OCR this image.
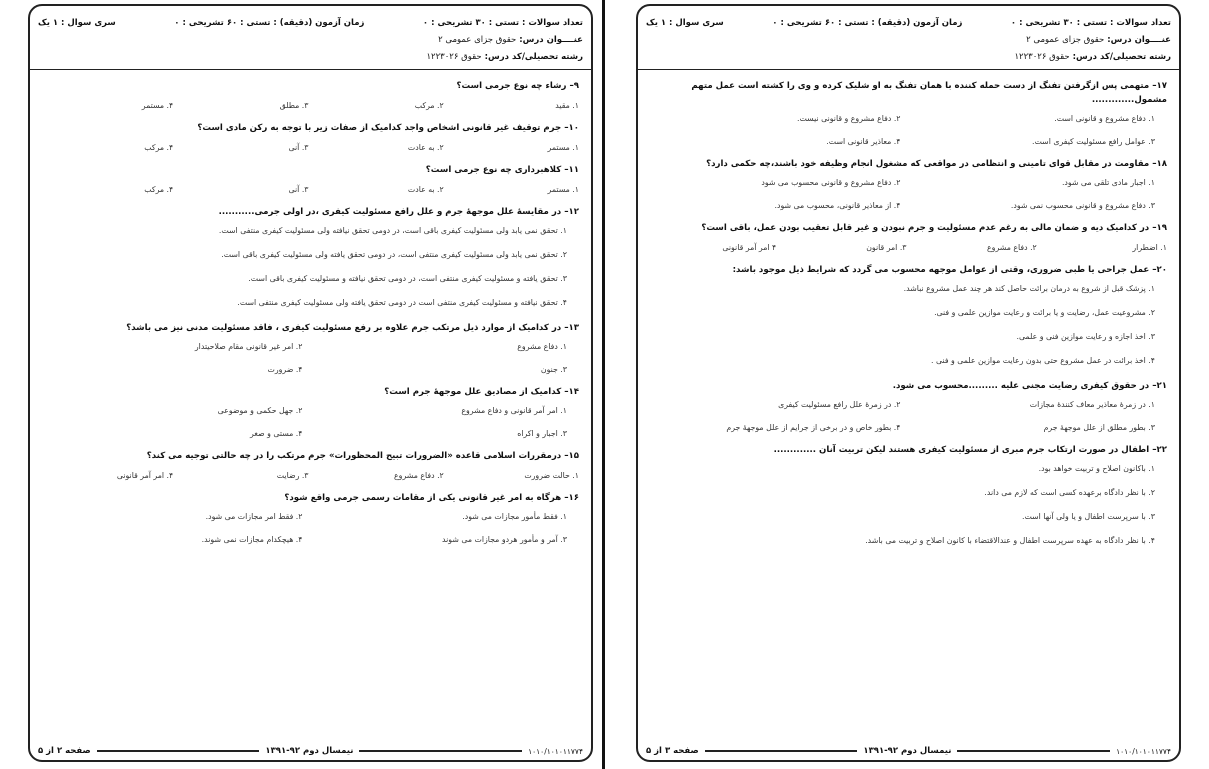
تعداد سوالات : تستی : ۳۰ تشریحی : ۰
زمان آزمون (دقیقه) : تستی : ۶۰ تشریحی : ۰
سری سوال : ۱ یک
عنــــوان درس: حقوق جزای عمومی ۲
رشته تحصیلی/کد درس: حقوق ۱۲۲۳۰۲۶
۹– رشاء چه نوع جرمی است؟
۱. مقید
۲. مرکب
۳. مطلق
۴. مستمر
۱۰– جرم توقیف غیر قانونی اشخاص واجد کدامیک از صفات زیر با توجه به رکن مادی است؟
۱. مستمر
۲. به عادت
۳. آنی
۴. مرکب
۱۱– کلاهبرداری چه نوع جرمی است؟
۱. مستمر
۲. به عادت
۳. آنی
۴. مرکب
۱۲– در مقایسهٔ علل موجههٔ جرم و علل رافع مسئولیت کیفری ،در اولی جرمی...........
۱. تحقق نمی یابد ولی مسئولیت کیفری باقی است، در دومی تحقق نیافته ولی مسئولیت کیفری منتفی است.
۲. تحقق نمی یابد ولی مسئولیت کیفری منتفی است، در دومی تحقق یافته ولی مسئولیت کیفری باقی است.
۳. تحقق یافته و مسئولیت کیفری منتفی است، در دومی تحقق نیافته و مسئولیت کیفری باقی است.
۴. تحقق نیافته و مسئولیت کیفری منتفی است در دومی تحقق یافته ولی مسئولیت کیفری منتفی است.
۱۳– در کدامیک از موارد ذیل مرتکب جرم علاوه بر رفع مسئولیت کیفری ، فاقد مسئولیت مدنی نیز می باشد؟
۱. دفاع مشروع
۲. امر غیر قانونی مقام صلاحیتدار
۳. جنون
۴. ضرورت
۱۴– کدامیک از مصادیق علل موجههٔ جرم است؟
۱. امر آمر قانونی و دفاع مشروع
۲. جهل حکمی و موضوعی
۳. اجبار و اکراه
۴. مستی و صغر
۱۵– درمقررات اسلامی قاعده «الضرورات تبیح المحظورات» جرم مرتکب را در چه حالتی توجیه می کند؟
۱. حالت ضرورت
۲. دفاع مشروع
۳. رضایت
۴. امر آمر قانونی
۱۶– هرگاه به امر غیر قانونی یکی از مقامات رسمی جرمی واقع شود؟
۱. فقط مأمور مجازات می شود.
۲. فقط امر مجازات می شود.
۳. آمر و مأمور هردو مجازات می شوند
۴. هیچکدام مجازات نمی شوند.
۱۰۱۰/۱۰۱۰۱۱۷۷۴
نیمسال دوم ۹۲-۱۳۹۱
صفحه ۲ از ۵
تعداد سوالات : تستی : ۳۰ تشریحی : ۰
زمان آزمون (دقیقه) : تستی : ۶۰ تشریحی : ۰
سری سوال : ۱ یک
عنــــوان درس: حقوق جزای عمومی ۲
رشته تحصیلی/کد درس: حقوق ۱۲۲۳۰۲۶
۱۷– متهمی پس ازگرفتن تفنگ از دست حمله کننده با همان تفنگ به او شلیک کرده و وی را کشته است عمل متهم مشمول.............
۱. دفاع مشروع و قانونی است.
۲. دفاع مشروع و قانونی نیست.
۳. عوامل رافع مسئولیت کیفری است.
۴. معاذیر قانونی است.
۱۸– مقاومت در مقابل قوای تامینی و انتظامی در مواقعی که مشغول انجام وظیفه خود باشند،چه حکمی دارد؟
۱. اجبار مادی تلقی می شود.
۲. دفاع مشروع و قانونی محسوب می شود
۳. دفاع مشروع و قانونی محسوب نمی شود.
۴. از معاذیر قانونی، محسوب می شود.
۱۹– در کدامیک دیه و ضمان مالی به رغم عدم مسئولیت و جرم نبودن و غیر قابل تعقیب بودن عمل، باقی است؟
۱. اضطرار
۲. دفاع مشروع
۳. امر قانون
۴ امر آمر قانونی
۲۰– عمل جراحی یا طبی ضروری، وقتی از عوامل موجهه محسوب می گردد که شرایط ذیل موجود باشد:
۱. پزشک قبل از شروع به درمان برائت حاصل کند هر چند عمل مشروع نباشد.
۲. مشروعیت عمل، رضایت و یا برائت و رعایت موازین علمی و فنی.
۳. اخذ اجازه و رعایت موازین فنی و علمی.
۴. اخذ برائت در عمل مشروع حتی بدون رعایت موازین علمی و فنی .
۲۱– در حقوق کیفری رضایت مجنی علیه .........محسوب می شود.
۱. در زمرهٔ معاذیر معاف کنندهٔ مجازات
۲. در زمرهٔ علل رافع مسئولیت کیفری
۳. بطور مطلق از علل موجههٔ جرم
۴. بطور خاص و در برخی از جرایم از علل موجههٔ جرم
۲۲– اطفال در صورت ارتکاب جرم مبری از مسئولیت کیفری هستند لیکن تربیت آنان .............
۱. باکانون اصلاح و تربیت خواهد بود.
۲. با نظر دادگاه برعهده کسی است که لازم می داند.
۳. با سرپرست اطفال و یا ولی آنها است.
۴. با نظر دادگاه به عهده سرپرست اطفال و عندالاقتضاء با کانون اصلاح و تربیت می باشد.
۱۰۱۰/۱۰۱۰۱۱۷۷۴
نیمسال دوم ۹۲-۱۳۹۱
صفحه ۳ از ۵
